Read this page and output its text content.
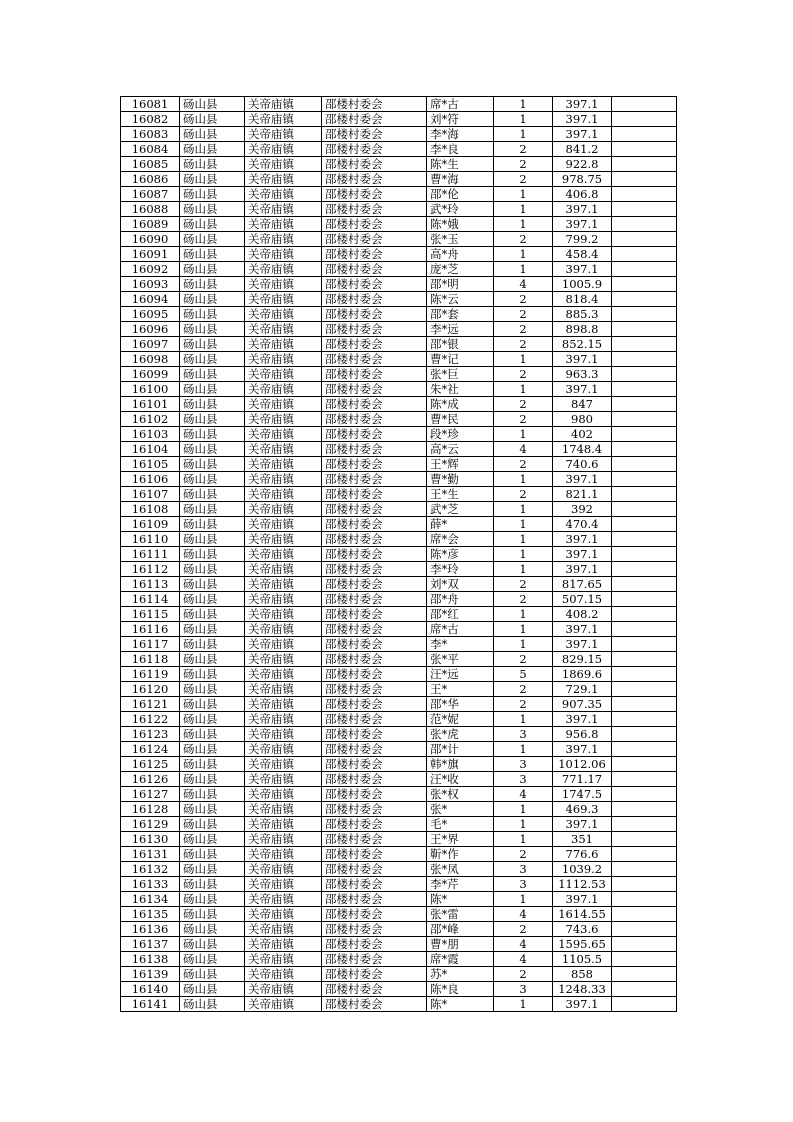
16081	砀山县	关帝庙镇	邵楼村委会	席*古	1	397.1	
16082	砀山县	关帝庙镇	邵楼村委会	刘*符	1	397.1	
16083	砀山县	关帝庙镇	邵楼村委会	李*海	1	397.1	
16084	砀山县	关帝庙镇	邵楼村委会	李*良	2	841.2	
16085	砀山县	关帝庙镇	邵楼村委会	陈*生	2	922.8	
16086	砀山县	关帝庙镇	邵楼村委会	曹*海	2	978.75	
16087	砀山县	关帝庙镇	邵楼村委会	邵*伦	1	406.8	
16088	砀山县	关帝庙镇	邵楼村委会	武*玲	1	397.1	
16089	砀山县	关帝庙镇	邵楼村委会	陈*娥	1	397.1	
16090	砀山县	关帝庙镇	邵楼村委会	张*玉	2	799.2	
16091	砀山县	关帝庙镇	邵楼村委会	高*舟	1	458.4	
16092	砀山县	关帝庙镇	邵楼村委会	庞*芝	1	397.1	
16093	砀山县	关帝庙镇	邵楼村委会	邵*明	4	1005.9	
16094	砀山县	关帝庙镇	邵楼村委会	陈*云	2	818.4	
16095	砀山县	关帝庙镇	邵楼村委会	邵*套	2	885.3	
16096	砀山县	关帝庙镇	邵楼村委会	李*远	2	898.8	
16097	砀山县	关帝庙镇	邵楼村委会	邵*银	2	852.15	
16098	砀山县	关帝庙镇	邵楼村委会	曹*记	1	397.1	
16099	砀山县	关帝庙镇	邵楼村委会	张*巨	2	963.3	
16100	砀山县	关帝庙镇	邵楼村委会	朱*社	1	397.1	
16101	砀山县	关帝庙镇	邵楼村委会	陈*成	2	847	
16102	砀山县	关帝庙镇	邵楼村委会	曹*民	2	980	
16103	砀山县	关帝庙镇	邵楼村委会	段*珍	1	402	
16104	砀山县	关帝庙镇	邵楼村委会	高*云	4	1748.4	
16105	砀山县	关帝庙镇	邵楼村委会	王*辉	2	740.6	
16106	砀山县	关帝庙镇	邵楼村委会	曹*勤	1	397.1	
16107	砀山县	关帝庙镇	邵楼村委会	王*生	2	821.1	
16108	砀山县	关帝庙镇	邵楼村委会	武*芝	1	392	
16109	砀山县	关帝庙镇	邵楼村委会	薛*	1	470.4	
16110	砀山县	关帝庙镇	邵楼村委会	席*会	1	397.1	
16111	砀山县	关帝庙镇	邵楼村委会	陈*彦	1	397.1	
16112	砀山县	关帝庙镇	邵楼村委会	李*玲	1	397.1	
16113	砀山县	关帝庙镇	邵楼村委会	刘*双	2	817.65	
16114	砀山县	关帝庙镇	邵楼村委会	邵*舟	2	507.15	
16115	砀山县	关帝庙镇	邵楼村委会	邵*红	1	408.2	
16116	砀山县	关帝庙镇	邵楼村委会	席*古	1	397.1	
16117	砀山县	关帝庙镇	邵楼村委会	李*	1	397.1	
16118	砀山县	关帝庙镇	邵楼村委会	张*平	2	829.15	
16119	砀山县	关帝庙镇	邵楼村委会	汪*远	5	1869.6	
16120	砀山县	关帝庙镇	邵楼村委会	王*	2	729.1	
16121	砀山县	关帝庙镇	邵楼村委会	邵*华	2	907.35	
16122	砀山县	关帝庙镇	邵楼村委会	范*妮	1	397.1	
16123	砀山县	关帝庙镇	邵楼村委会	张*虎	3	956.8	
16124	砀山县	关帝庙镇	邵楼村委会	邵*计	1	397.1	
16125	砀山县	关帝庙镇	邵楼村委会	韩*旗	3	1012.06	
16126	砀山县	关帝庙镇	邵楼村委会	汪*收	3	771.17	
16127	砀山县	关帝庙镇	邵楼村委会	张*权	4	1747.5	
16128	砀山县	关帝庙镇	邵楼村委会	张*	1	469.3	
16129	砀山县	关帝庙镇	邵楼村委会	毛*	1	397.1	
16130	砀山县	关帝庙镇	邵楼村委会	王*界	1	351	
16131	砀山县	关帝庙镇	邵楼村委会	靳*作	2	776.6	
16132	砀山县	关帝庙镇	邵楼村委会	张*凤	3	1039.2	
16133	砀山县	关帝庙镇	邵楼村委会	李*芹	3	1112.53	
16134	砀山县	关帝庙镇	邵楼村委会	陈*	1	397.1	
16135	砀山县	关帝庙镇	邵楼村委会	张*雷	4	1614.55	
16136	砀山县	关帝庙镇	邵楼村委会	邵*峰	2	743.6	
16137	砀山县	关帝庙镇	邵楼村委会	曹*朋	4	1595.65	
16138	砀山县	关帝庙镇	邵楼村委会	席*霞	4	1105.5	
16139	砀山县	关帝庙镇	邵楼村委会	苏*	2	858	
16140	砀山县	关帝庙镇	邵楼村委会	陈*良	3	1248.33	
16141	砀山县	关帝庙镇	邵楼村委会	陈*	1	397.1	
